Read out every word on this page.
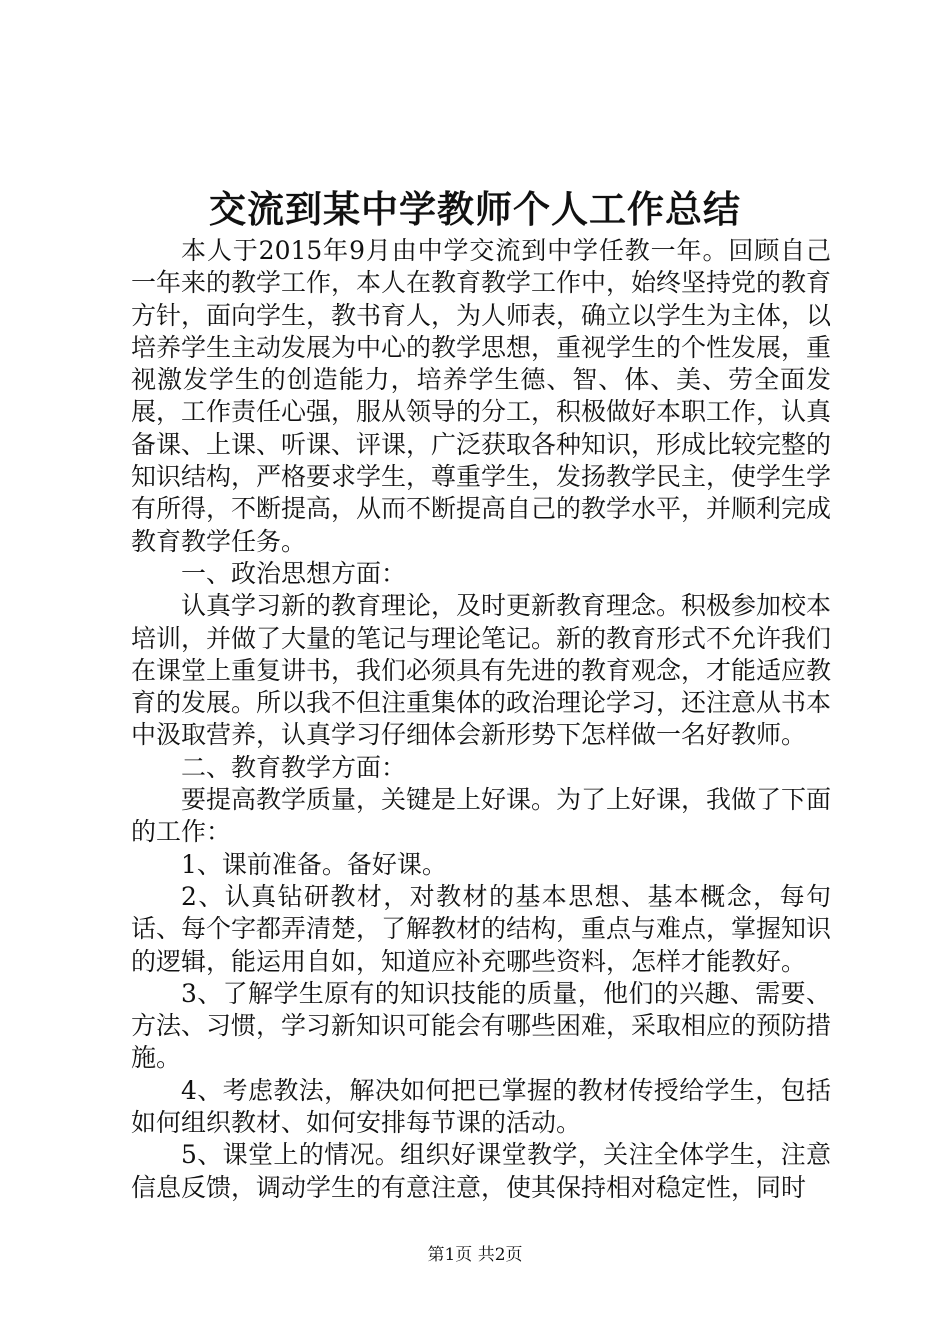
交流到某中学教师个人工作总结

本人于2015年9月由中学交流到中学任教一年。回顾自己一年来的教学工作，本人在教育教学工作中，始终坚持党的教育方针，面向学生，教书育人，为人师表，确立以学生为主体，以培养学生主动发展为中心的教学思想，重视学生的个性发展，重视激发学生的创造能力，培养学生德、智、体、美、劳全面发展，工作责任心强，服从领导的分工，积极做好本职工作，认真备课、上课、听课、评课，广泛获取各种知识，形成比较完整的知识结构，严格要求学生，尊重学生，发扬教学民主，使学生学有所得，不断提高，从而不断提高自己的教学水平，并顺利完成教育教学任务。

一、政治思想方面：

认真学习新的教育理论，及时更新教育理念。积极参加校本培训，并做了大量的笔记与理论笔记。新的教育形式不允许我们在课堂上重复讲书，我们必须具有先进的教育观念，才能适应教育的发展。所以我不但注重集体的政治理论学习，还注意从书本中汲取营养，认真学习仔细体会新形势下怎样做一名好教师。

二、教育教学方面：

要提高教学质量，关键是上好课。为了上好课，我做了下面的工作：

1、课前准备。备好课。

2、认真钻研教材，对教材的基本思想、基本概念，每句话、每个字都弄清楚，了解教材的结构，重点与难点，掌握知识的逻辑，能运用自如，知道应补充哪些资料，怎样才能教好。

3、了解学生原有的知识技能的质量，他们的兴趣、需要、方法、习惯，学习新知识可能会有哪些困难，采取相应的预防措施。

4、考虑教法，解决如何把已掌握的教材传授给学生，包括如何组织教材、如何安排每节课的活动。

5、课堂上的情况。组织好课堂教学，关注全体学生，注意信息反馈，调动学生的有意注意，使其保持相对稳定性，同时

第1页 共2页
